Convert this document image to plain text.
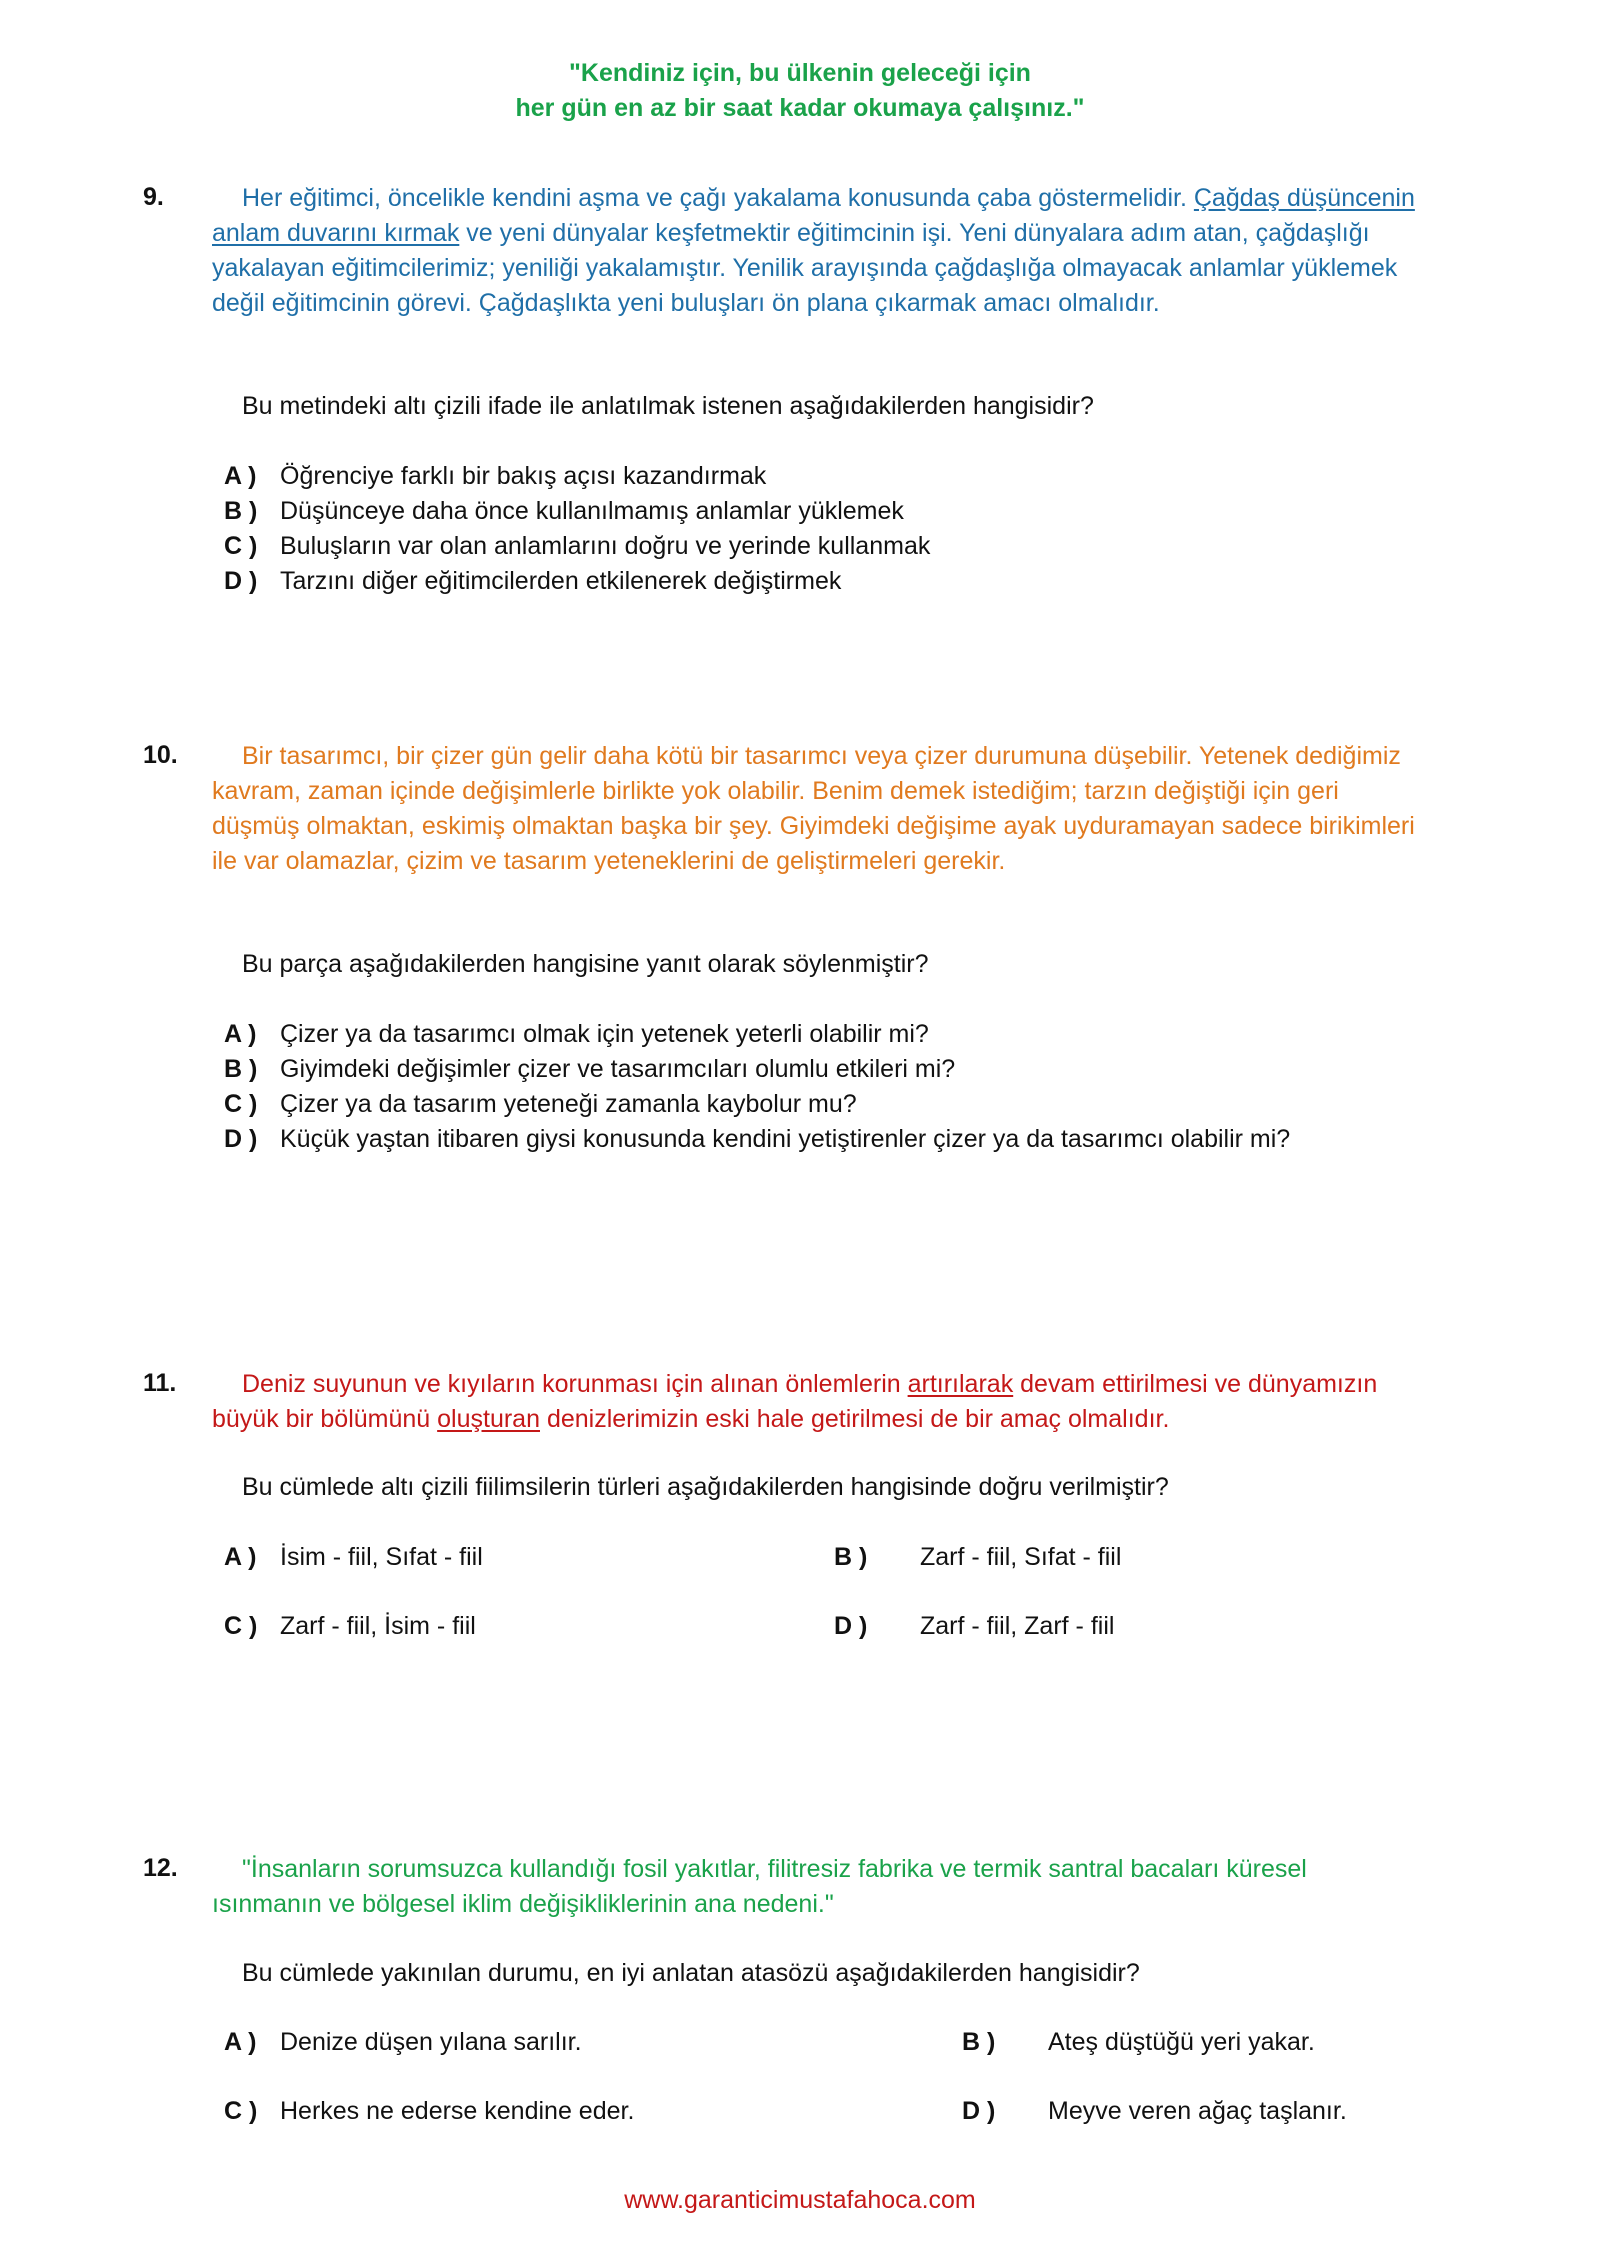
"Kendiniz için, bu ülkenin geleceği için
her gün en az bir saat kadar okumaya çalışınız."
9.	Her eğitimci, öncelikle kendini aşma ve çağı yakalama konusunda çaba göstermelidir. Çağdaş düşüncenin anlam duvarını kırmak ve yeni dünyalar keşfetmektir eğitimcinin işi. Yeni dünyalara adım atan, çağdaşlığı yakalayan eğitimcilerimiz; yeniliği yakalamıştır. Yenilik arayışında çağdaşlığa olmayacak anlamlar yüklemek değil eğitimcinin görevi. Çağdaşlıkta yeni buluşları ön plana çıkarmak amacı olmalıdır.
Bu metindeki altı çizili ifade ile anlatılmak istenen aşağıdakilerden hangisidir?
A ) Öğrenciye farklı bir bakış açısı kazandırmak
B ) Düşünceye daha önce kullanılmamış anlamlar yüklemek
C ) Buluşların var olan anlamlarını doğru ve yerinde kullanmak
D ) Tarzını diğer eğitimcilerden etkilenerek değiştirmek
10.	Bir tasarımcı, bir çizer gün gelir daha kötü bir tasarımcı veya çizer durumuna düşebilir. Yetenek dediğimiz kavram, zaman içinde değişimlerle birlikte yok olabilir. Benim demek istediğim; tarzın değiştiği için geri düşmüş olmaktan, eskimiş olmaktan başka bir şey. Giyimdeki değişime ayak uyduramayan sadece birikimleri ile var olamazlar, çizim ve tasarım yeteneklerini de geliştirmeleri gerekir.
Bu parça aşağıdakilerden hangisine yanıt olarak söylenmiştir?
A ) Çizer ya da tasarımcı olmak için yetenek yeterli olabilir mi?
B ) Giyimdeki değişimler çizer ve tasarımcıları olumlu etkileri mi?
C ) Çizer ya da tasarım yeteneği zamanla kaybolur mu?
D ) Küçük yaştan itibaren giysi konusunda kendini yetiştirenler çizer ya da tasarımcı olabilir mi?
11.	Deniz suyunun ve kıyıların korunması için alınan önlemlerin artırılarak devam ettirilmesi ve dünyamızın büyük bir bölümünü oluşturan denizlerimizin eski hale getirilmesi de bir amaç olmalıdır.
Bu cümlede altı çizili fiilimsilerin türleri aşağıdakilerden hangisinde doğru verilmiştir?
A ) İsim - fiil, Sıfat - fiil	B ) Zarf - fiil, Sıfat - fiil
C ) Zarf - fiil, İsim - fiil	D ) Zarf - fiil, Zarf - fiil
12.	"İnsanların sorumsuzca kullandığı fosil yakıtlar, filitresiz fabrika ve termik santral bacaları küresel ısınmanın ve bölgesel iklim değişikliklerinin ana nedeni."
Bu cümlede yakınılan durumu, en iyi anlatan atasözü aşağıdakilerden hangisidir?
A ) Denize düşen yılana sarılır.	B ) Ateş düştüğü yeri yakar.
C ) Herkes ne ederse kendine eder.	D ) Meyve veren ağaç taşlanır.
www.garanticimustafahoca.com
